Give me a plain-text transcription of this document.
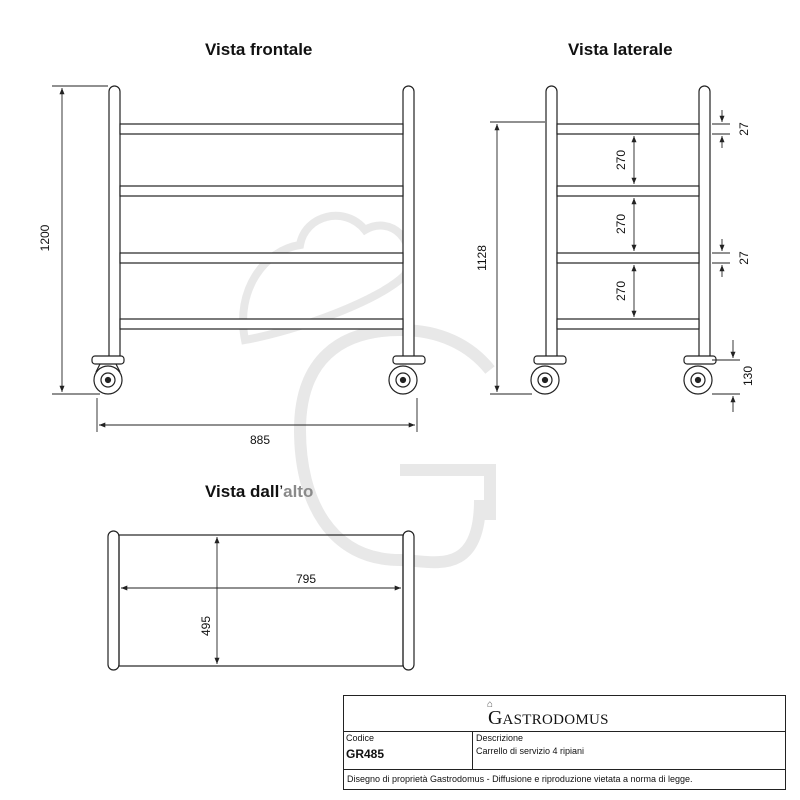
1200
885
1128
270
270
270
27
27
130
795
495
Vista frontale	Vista laterale
Vista dall’alto
⌂
GASTRODOMUS
Codice
GR485
Descrizione
Carrello di servizio 4 ripiani
Disegno di proprietà Gastrodomus - Diffusione e riproduzione vietata a norma di legge.
